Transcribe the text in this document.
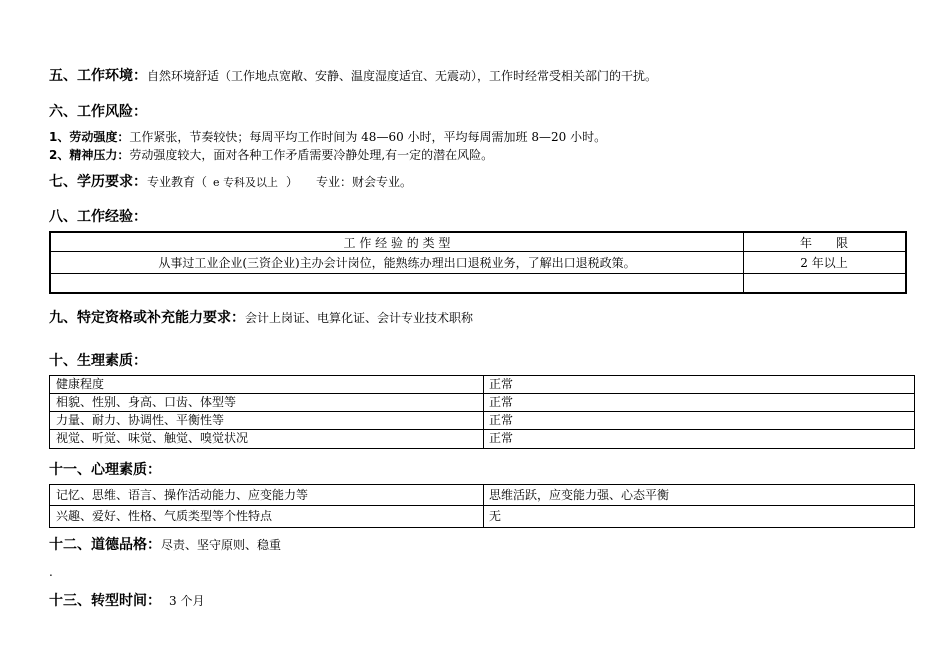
五、工作环境：自然环境舒适（工作地点宽敞、安静、温度湿度适宜、无震动），工作时经常受相关部门的干扰。
六、工作风险：
1、劳动强度：工作紧张，节奏较快；每周平均工作时间为 48—60 小时，平均每周需加班 8—20 小时。
2、精神压力：劳动强度较大，面对各种工作矛盾需要冷静处理,有一定的潜在风险。
七、学历要求：专业教育（ e 专科及以上 ） 专业：财会专业。
八、工作经验：
工 作 经 验 的 类 型	年　　限
从事过工业企业(三资企业)主办会计岗位，能熟练办理出口退税业务，了解出口退税政策。	2 年以上
九、特定资格或补充能力要求：会计上岗证、电算化证、会计专业技术职称
十、生理素质：
健康程度	正常
相貌、性别、身高、口齿、体型等	正常
力量、耐力、协调性、平衡性等	正常
视觉、听觉、味觉、触觉、嗅觉状况	正常
十一、心理素质：
记忆、思维、语言、操作活动能力、应变能力等	思维活跃，应变能力强、心态平衡
兴趣、爱好、性格、气质类型等个性特点	无
十二、道德品格：尽责、坚守原则、稳重
.
十三、转型时间： 3 个月
